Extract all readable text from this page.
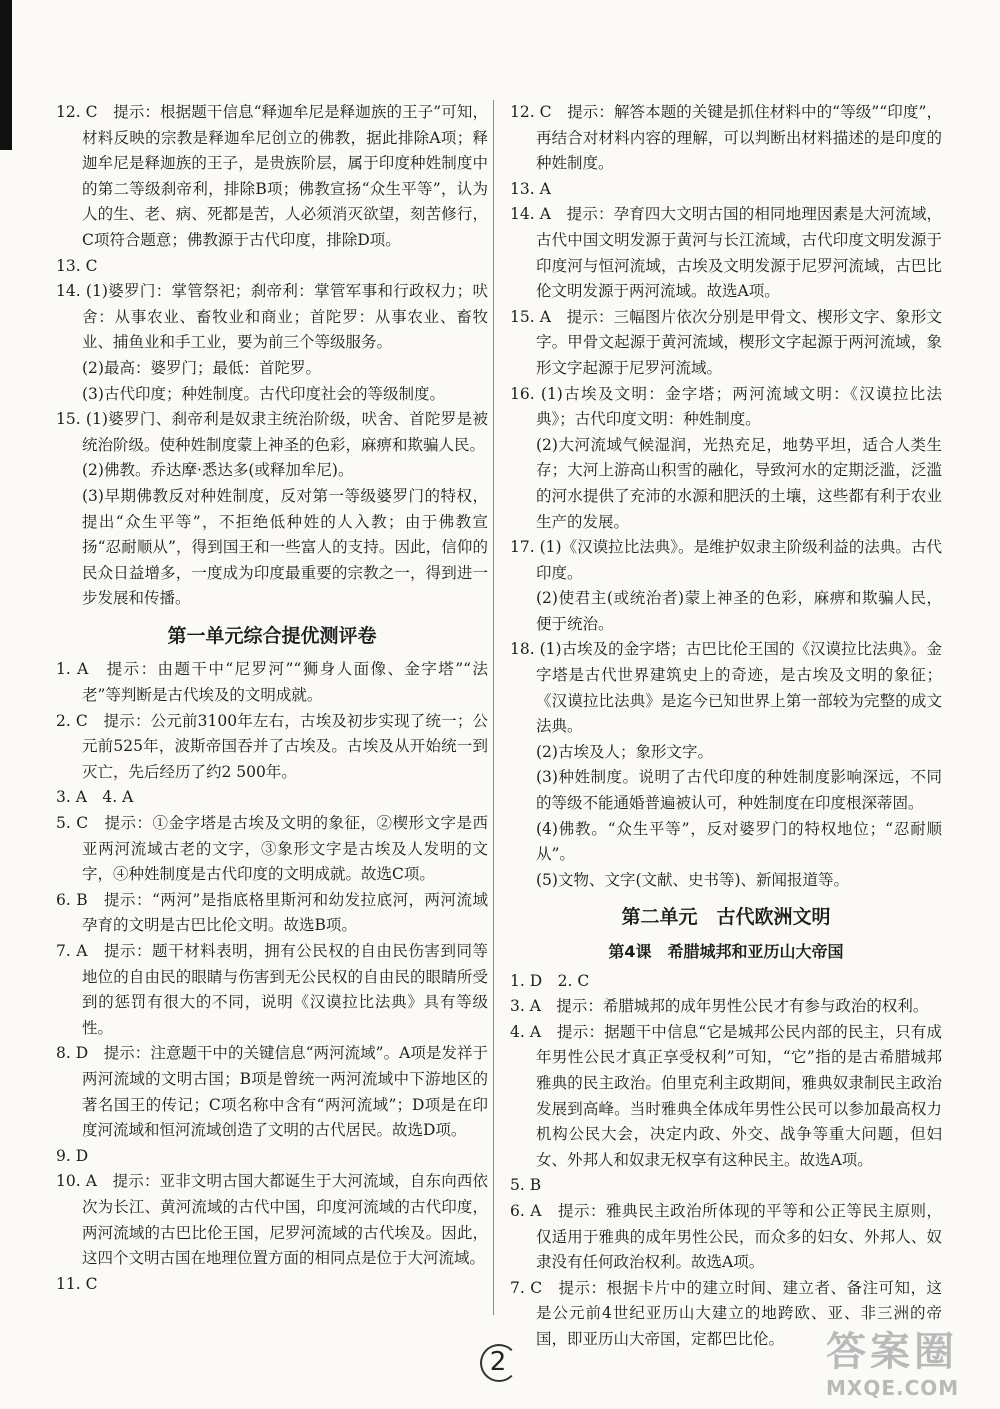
12. C　提示：根据题干信息“释迦牟尼是释迦族的王子”可知，材料反映的宗教是释迦牟尼创立的佛教，据此排除A项；释迦牟尼是释迦族的王子，是贵族阶层，属于印度种姓制度中的第二等级刹帝利，排除B项；佛教宣扬“众生平等”，认为人的生、老、病、死都是苦，人必须消灭欲望，刻苦修行，C项符合题意；佛教源于古代印度，排除D项。

13. C

14. (1)婆罗门：掌管祭祀；刹帝利：掌管军事和行政权力；吠舍：从事农业、畜牧业和商业；首陀罗：从事农业、畜牧业、捕鱼业和手工业，要为前三个等级服务。

(2)最高：婆罗门；最低：首陀罗。

(3)古代印度；种姓制度。古代印度社会的等级制度。

15. (1)婆罗门、刹帝利是奴隶主统治阶级，吠舍、首陀罗是被统治阶级。使种姓制度蒙上神圣的色彩，麻痹和欺骗人民。

(2)佛教。乔达摩·悉达多(或释加牟尼)。

(3)早期佛教反对种姓制度，反对第一等级婆罗门的特权，提出“众生平等”，不拒绝低种姓的人入教；由于佛教宣扬“忍耐顺从”，得到国王和一些富人的支持。因此，信仰的民众日益增多，一度成为印度最重要的宗教之一，得到进一步发展和传播。

第一单元综合提优测评卷

1. A　提示：由题干中“尼罗河”“狮身人面像、金字塔”“法老”等判断是古代埃及的文明成就。

2. C　提示：公元前3100年左右，古埃及初步实现了统一；公元前525年，波斯帝国吞并了古埃及。古埃及从开始统一到灭亡，先后经历了约2 500年。

3. A　4. A

5. C　提示：①金字塔是古埃及文明的象征，②楔形文字是西亚两河流域古老的文字，③象形文字是古埃及人发明的文字，④种姓制度是古代印度的文明成就。故选C项。

6. B　提示：“两河”是指底格里斯河和幼发拉底河，两河流域孕育的文明是古巴比伦文明。故选B项。

7. A　提示：题干材料表明，拥有公民权的自由民伤害到同等地位的自由民的眼睛与伤害到无公民权的自由民的眼睛所受到的惩罚有很大的不同，说明《汉谟拉比法典》具有等级性。

8. D　提示：注意题干中的关键信息“两河流域”。A项是发祥于两河流域的文明古国；B项是曾统一两河流域中下游地区的著名国王的传记；C项名称中含有“两河流域”；D项是在印度河流域和恒河流域创造了文明的古代居民。故选D项。

9. D

10. A　提示：亚非文明古国大都诞生于大河流域，自东向西依次为长江、黄河流域的古代中国，印度河流域的古代印度，两河流域的古巴比伦王国，尼罗河流域的古代埃及。因此，这四个文明古国在地理位置方面的相同点是位于大河流域。

11. C

12. C　提示：解答本题的关键是抓住材料中的“等级”“印度”，再结合对材料内容的理解，可以判断出材料描述的是印度的种姓制度。

13. A

14. A　提示：孕育四大文明古国的相同地理因素是大河流域，古代中国文明发源于黄河与长江流域，古代印度文明发源于印度河与恒河流域，古埃及文明发源于尼罗河流域，古巴比伦文明发源于两河流域。故选A项。

15. A　提示：三幅图片依次分别是甲骨文、楔形文字、象形文字。甲骨文起源于黄河流域，楔形文字起源于两河流域，象形文字起源于尼罗河流域。

16. (1)古埃及文明：金字塔；两河流域文明：《汉谟拉比法典》；古代印度文明：种姓制度。

(2)大河流域气候湿润，光热充足，地势平坦，适合人类生存；大河上游高山积雪的融化，导致河水的定期泛滥，泛滥的河水提供了充沛的水源和肥沃的土壤，这些都有利于农业生产的发展。

17. (1)《汉谟拉比法典》。是维护奴隶主阶级利益的法典。古代印度。

(2)使君主(或统治者)蒙上神圣的色彩，麻痹和欺骗人民，便于统治。

18. (1)古埃及的金字塔；古巴比伦王国的《汉谟拉比法典》。金字塔是古代世界建筑史上的奇迹，是古埃及文明的象征；《汉谟拉比法典》是迄今已知世界上第一部较为完整的成文法典。

(2)古埃及人；象形文字。

(3)种姓制度。说明了古代印度的种姓制度影响深远，不同的等级不能通婚普遍被认可，种姓制度在印度根深蒂固。

(4)佛教。“众生平等”，反对婆罗门的特权地位；“忍耐顺从”。

(5)文物、文字(文献、史书等)、新闻报道等。

第二单元　古代欧洲文明
第4课　希腊城邦和亚历山大帝国

1. D　2. C

3. A　提示：希腊城邦的成年男性公民才有参与政治的权利。

4. A　提示：据题干中信息“它是城邦公民内部的民主，只有成年男性公民才真正享受权利”可知，“它”指的是古希腊城邦雅典的民主政治。伯里克利主政期间，雅典奴隶制民主政治发展到高峰。当时雅典全体成年男性公民可以参加最高权力机构公民大会，决定内政、外交、战争等重大问题，但妇女、外邦人和奴隶无权享有这种民主。故选A项。

5. B

6. A　提示：雅典民主政治所体现的平等和公正等民主原则，仅适用于雅典的成年男性公民，而众多的妇女、外邦人、奴隶没有任何政治权利。故选A项。

7. C　提示：根据卡片中的建立时间、建立者、备注可知，这是公元前4世纪亚历山大建立的地跨欧、亚、非三洲的帝国，即亚历山大帝国，定都巴比伦。

2	答案圈
MXQE.COM
